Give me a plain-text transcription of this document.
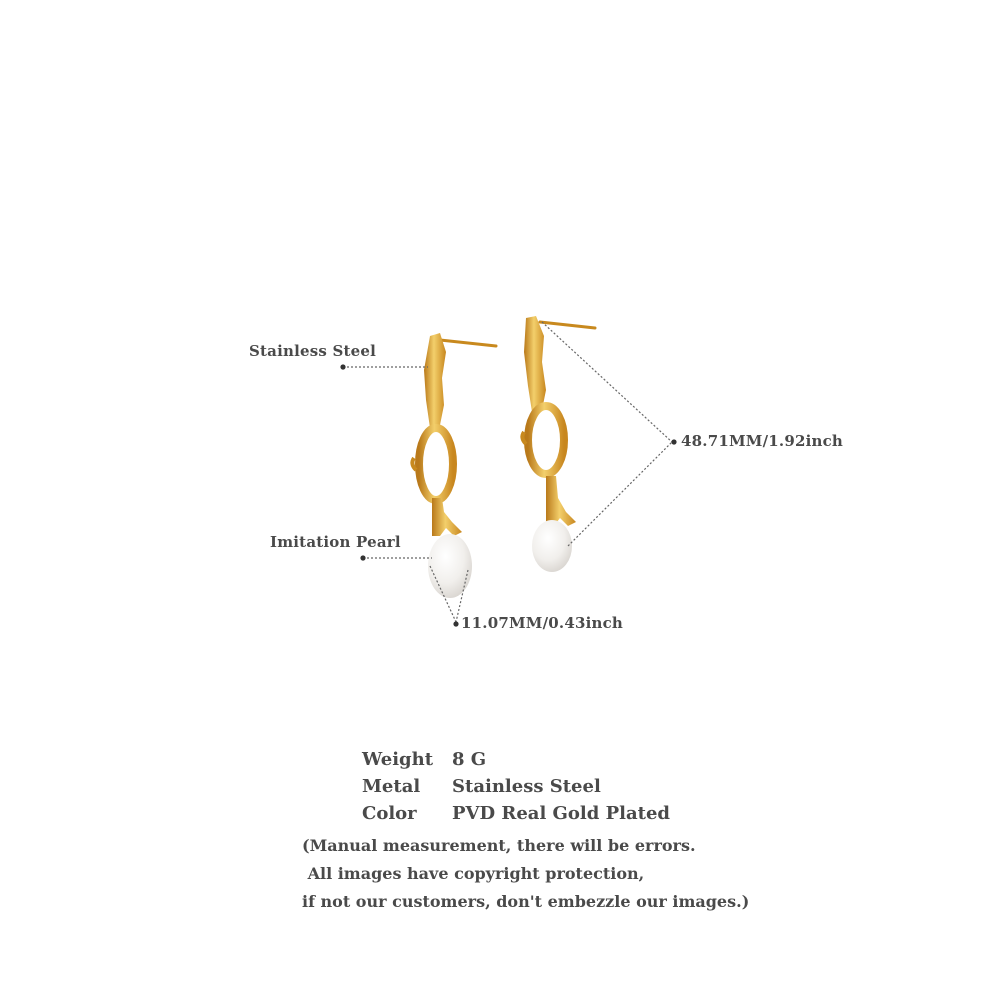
Stainless Steel
Imitation Pearl
48.71MM/1.92inch
11.07MM/0.43inch
Weight 8 G
Metal Stainless Steel
Color PVD Real Gold Plated
(Manual measurement, there will be errors.
All images have copyright protection,
if not our customers, don't embezzle our images.)
